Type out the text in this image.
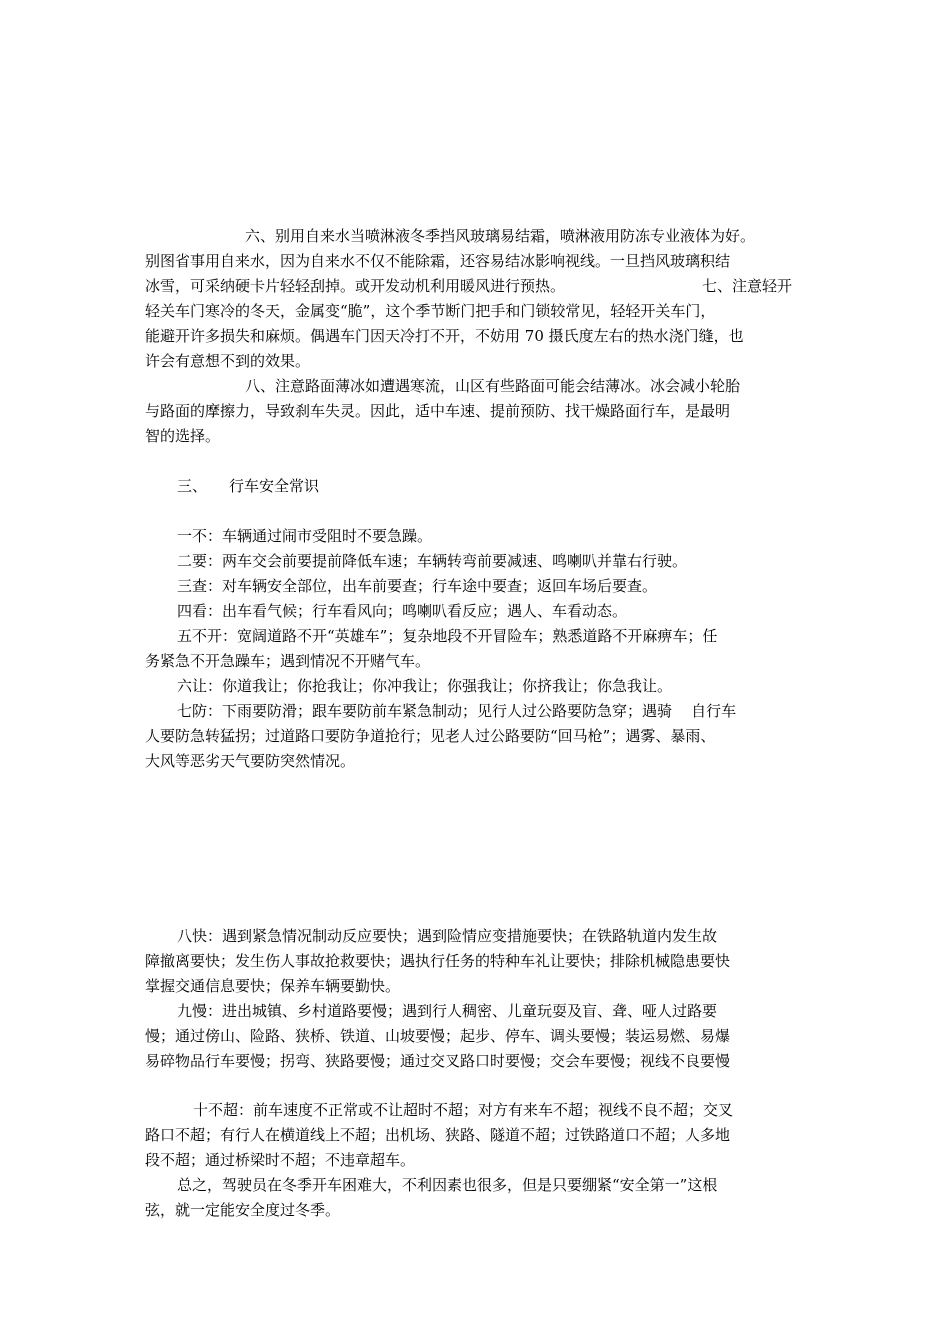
六、别用自来水当喷淋液冬季挡风玻璃易结霜，喷淋液用防冻专业液体为好。
别图省事用自来水，因为自来水不仅不能除霜，还容易结冰影响视线。一旦挡风玻璃积结
冰雪，可采纳硬卡片轻轻刮掉。或开发动机利用暖风进行预热。	七、注意轻开
轻关车门寒冷的冬天，金属变“脆”，这个季节断门把手和门锁较常见，轻轻开关车门，
能避开许多损失和麻烦。偶遇车门因天冷打不开，不妨用 70 摄氏度左右的热水浇门缝，也
许会有意想不到的效果。
八、注意路面薄冰如遭遇寒流，山区有些路面可能会结薄冰。冰会减小轮胎
与路面的摩擦力，导致刹车失灵。因此，适中车速、提前预防、找干燥路面行车，是最明
智的选择。
三、	行车安全常识
一不：车辆通过闹市受阻时不要急躁。
二要：两车交会前要提前降低车速；车辆转弯前要减速、鸣喇叭并靠右行驶。
三查：对车辆安全部位，出车前要查；行车途中要查；返回车场后要查。
四看：出车看气候；行车看风向；鸣喇叭看反应；遇人、车看动态。
五不开：宽阔道路不开“英雄车”；复杂地段不开冒险车；熟悉道路不开麻痹车；任
务紧急不开急躁车；遇到情况不开赌气车。
六让：你道我让；你抢我让；你冲我让；你强我让；你挤我让；你急我让。
七防：下雨要防滑；跟车要防前车紧急制动；见行人过公路要防急穿；遇骑    自行车
人要防急转猛拐；过道路口要防争道抢行；见老人过公路要防“回马枪”；遇雾、暴雨、
大风等恶劣天气要防突然情况。
八快：遇到紧急情况制动反应要快；遇到险情应变措施要快；在铁路轨道内发生故
障撤离要快；发生伤人事故抢救要快；遇执行任务的特种车礼让要快；排除机械隐患要快
掌握交通信息要快；保养车辆要勤快。
九慢：进出城镇、乡村道路要慢；遇到行人稠密、儿童玩耍及盲、聋、哑人过路要
慢；通过傍山、险路、狭桥、铁道、山坡要慢；起步、停车、调头要慢；装运易燃、易爆
易碎物品行车要慢；拐弯、狭路要慢；通过交叉路口时要慢；交会车要慢；视线不良要慢
十不超：前车速度不正常或不让超时不超；对方有来车不超；视线不良不超；交叉
路口不超；有行人在横道线上不超；出机场、狭路、隧道不超；过铁路道口不超；人多地
段不超；通过桥梁时不超；不违章超车。
总之，驾驶员在冬季开车困难大，不利因素也很多，但是只要绷紧“安全第一”这根
弦，就一定能安全度过冬季。
